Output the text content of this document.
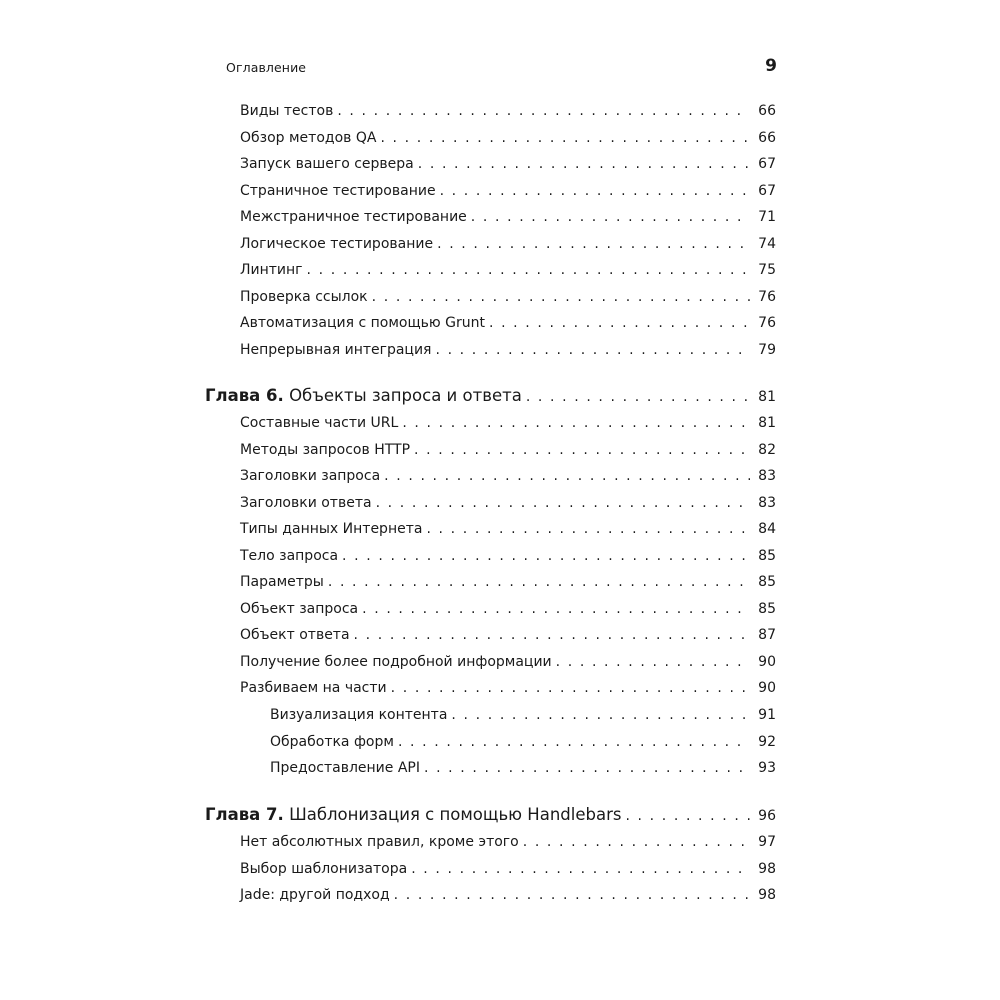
Оглавление	9
Виды тестов . . .	66
Обзор методов QA . . .	66
Запуск вашего сервера . . .	67
Страничное тестирование . . .	67
Межстраничное тестирование . . .	71
Логическое тестирование . . .	74
Линтинг . . .	75
Проверка ссылок . . .	76
Автоматизация с помощью Grunt . . .	76
Непрерывная интеграция . . .	79
Глава 6. Объекты запроса и ответа . . .	81
Составные части URL . . .	81
Методы запросов HTTP . . .	82
Заголовки запроса . . .	83
Заголовки ответа . . .	83
Типы данных Интернета . . .	84
Тело запроса . . .	85
Параметры . . .	85
Объект запроса . . .	85
Объект ответа . . .	87
Получение более подробной информации . . .	90
Разбиваем на части . . .	90
Визуализация контента . . .	91
Обработка форм . . .	92
Предоставление API . . .	93
Глава 7. Шаблонизация с помощью Handlebars . . .	96
Нет абсолютных правил, кроме этого . . .	97
Выбор шаблонизатора . . .	98
Jade: другой подход . . .	98
